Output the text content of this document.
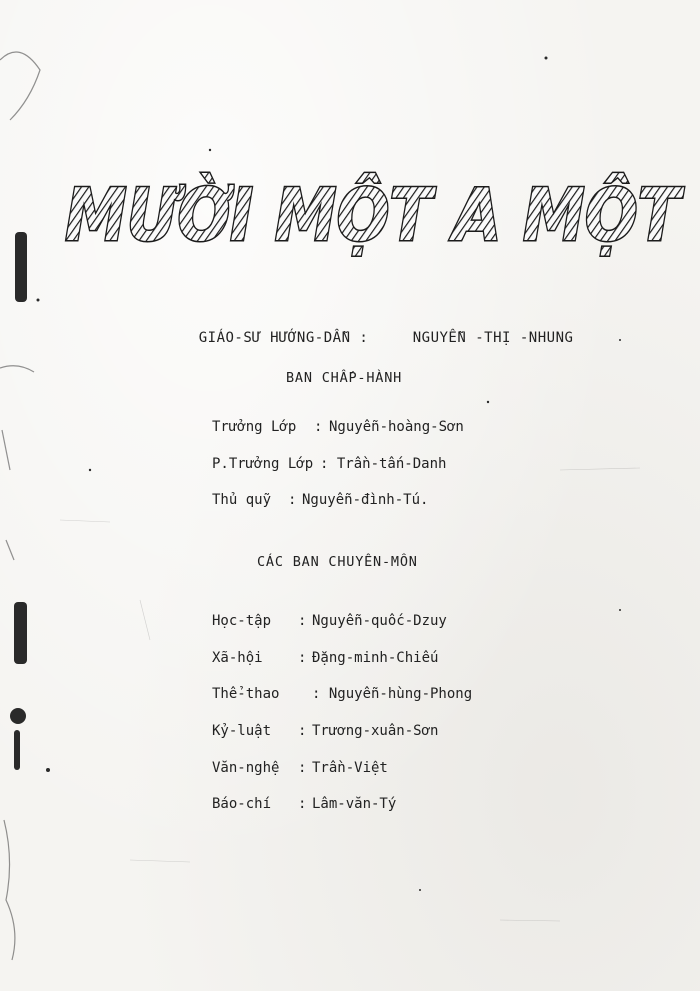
MƯỜI MỘT A MỘT

GIÁO-SƯ HƯỚNG-DẪN :
	NGUYỄN -THỊ -NHUNG

BAN CHẤP-HÀNH

Trưởng Lớp

:

Nguyễn-hoàng-Sơn

P.Trưởng Lớp

: Trần-tấn-Danh

Thủ quỹ

:

Nguyễn-đình-Tú.

CÁC BAN CHUYÊN-MÔN

Học-tập

:

Nguyễn-quốc-Dzuy

Xã-hội

	:

Đặng-minh-Chiếu

Thể-thao

: Nguyễn-hùng-Phong

Kỷ-luật

:

Trương-xuân-Sơn

Văn-nghệ

:

Trần-Việt

Báo-chí

:

Lâm-văn-Tý
